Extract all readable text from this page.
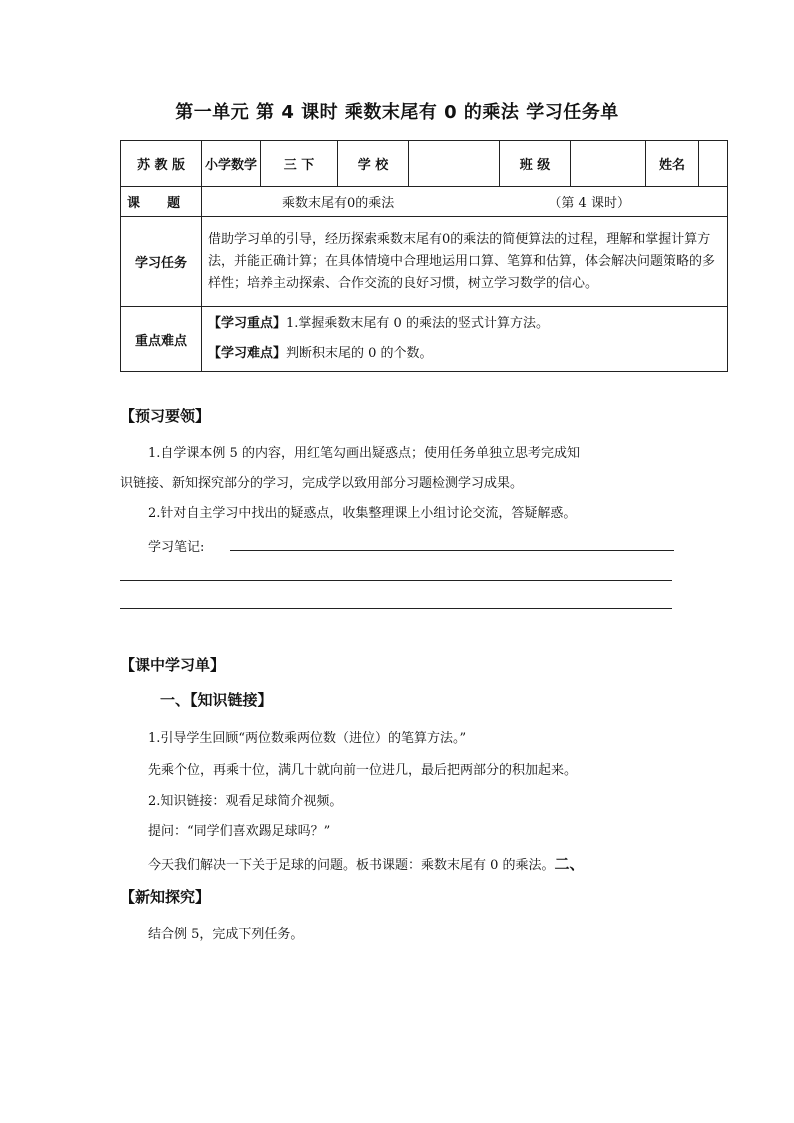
第一单元 第 4 课时 乘数末尾有 0 的乘法 学习任务单
苏 教 版	小学数学	三 下	学 校		班 级		姓名	
课      题	乘数末尾有0的乘法 （第 4 课时）							
学习任务	借助学习单的引导，经历探索乘数末尾有0的乘法的简便算法的过程，理解和掌握计算方法，并能正确计算；在具体情境中合理地运用口算、笔算和估算，体会解决问题策略的多样性；培养主动探索、合作交流的良好习惯，树立学习数学的信心。							
重点难点	【学习重点】1.掌握乘数末尾有 0 的乘法的竖式计算方法。
【学习难点】判断积末尾的 0 的个数。							
【预习要领】
1.自学课本例 5 的内容，用红笔勾画出疑惑点；使用任务单独立思考完成知
识链接、新知探究部分的学习，完成学以致用部分习题检测学习成果。
2.针对自主学习中找出的疑惑点，收集整理课上小组讨论交流，答疑解惑。
学习笔记:
【课中学习单】
一、【知识链接】
1.引导学生回顾“两位数乘两位数（进位）的笔算方法。”
先乘个位，再乘十位，满几十就向前一位进几，最后把两部分的积加起来。
2.知识链接：观看足球简介视频。
提问：“同学们喜欢踢足球吗？”
今天我们解决一下关于足球的问题。板书课题：乘数末尾有 0 的乘法。二、
【新知探究】
结合例 5，完成下列任务。
